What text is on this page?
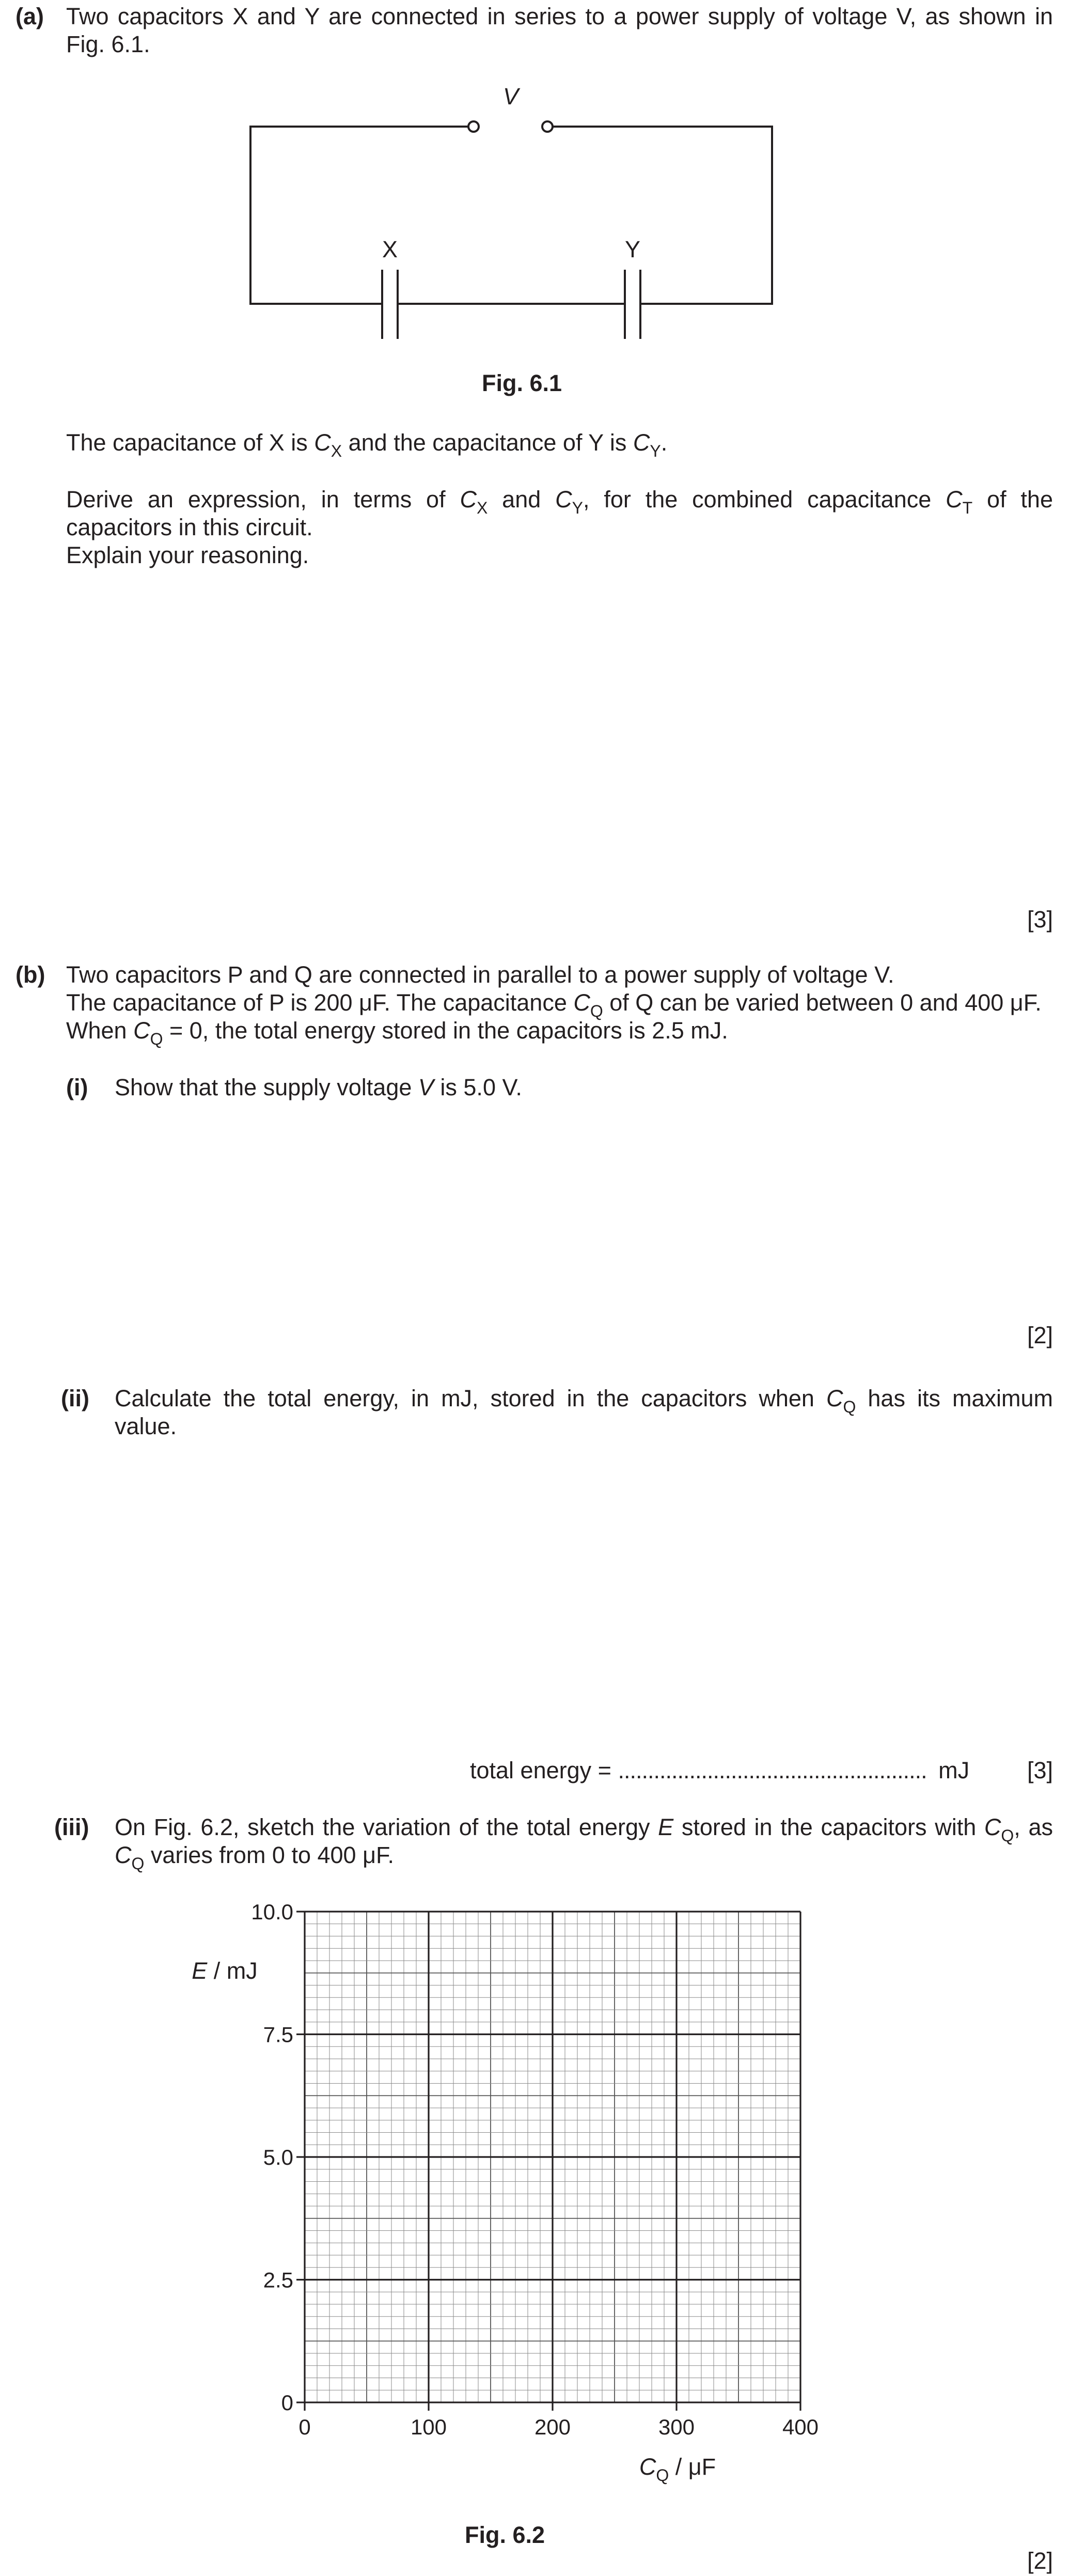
(a) Two capacitors X and Y are connected in series to a power supply of voltage V, as shown in
Fig. 6.1.
V
X	Y
Fig. 6.1
The capacitance of X is $C_X$ and the capacitance of Y is $C_Y$.
Derive an expression, in terms of $C_X$ and $C_Y$, for the combined capacitance $C_T$ of the
capacitors in this circuit.
Explain your reasoning.
[3]
(b) Two capacitors P and Q are connected in parallel to a power supply of voltage V.
The capacitance of P is 200 μF. The capacitance $C_Q$ of Q can be varied between 0 and 400 μF.
When $C_Q = 0$, the total energy stored in the capacitors is 2.5 mJ.
(i) Show that the supply voltage V is 5.0 V.
[2]
(ii) Calculate the total energy, in mJ, stored in the capacitors when $C_Q$ has its maximum
value.
total energy = .................................................... mJ [3]
(iii) On Fig. 6.2, sketch the variation of the total energy E stored in the capacitors with $C_Q$, as
$C_Q$ varies from 0 to 400 μF.
0	100	200	300	400
0
2.5
5.0
7.5
10.0
E / mJ
$C_Q$ / μF
Fig. 6.2
[2]
